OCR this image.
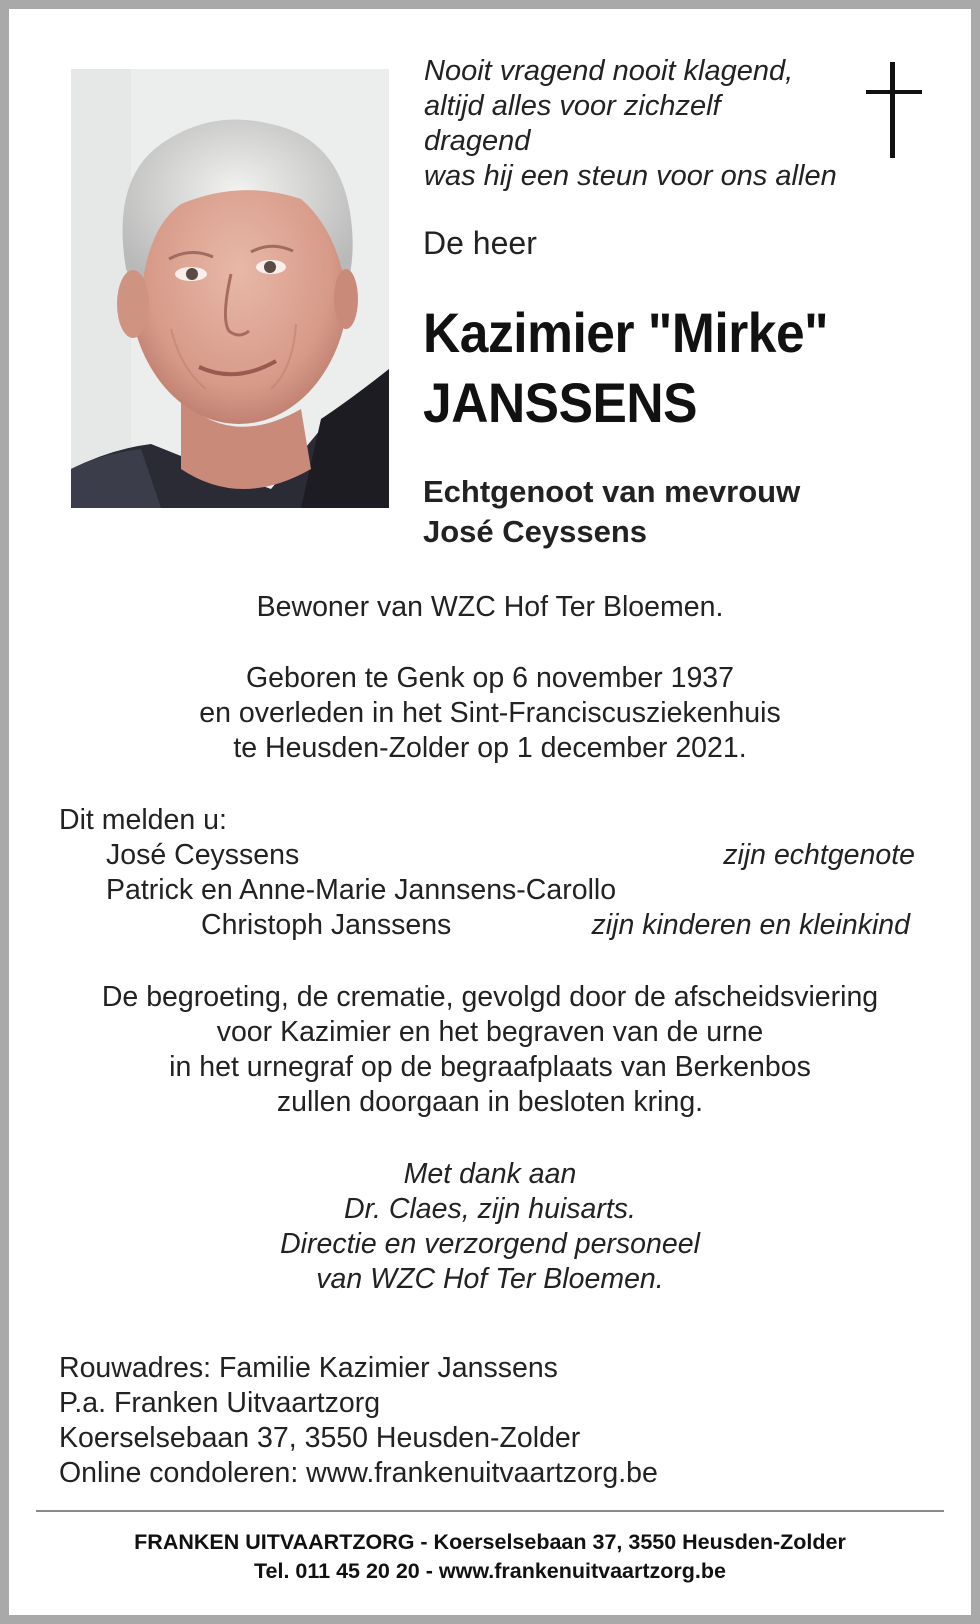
Nooit vragend nooit klagend,
altijd alles voor zichzelf
dragend
was hij een steun voor ons allen
De heer
Kazimier "Mirke"
JANSSENS
Echtgenoot van mevrouw
José Ceyssens
Bewoner van WZC Hof Ter Bloemen.
Geboren te Genk op 6 november 1937
en overleden in het Sint-Franciscusziekenhuis
te Heusden-Zolder op 1 december 2021.
Dit melden u:
José Ceyssens	zijn echtgenote
Patrick en Anne-Marie Jannsens-Carollo
Christoph Janssens	zijn kinderen en kleinkind
De begroeting, de crematie, gevolgd door de afscheidsviering
voor Kazimier en het begraven van de urne
in het urnegraf op de begraafplaats van Berkenbos
zullen doorgaan in besloten kring.
Met dank aan
Dr. Claes, zijn huisarts.
Directie en verzorgend personeel
van WZC Hof Ter Bloemen.
Rouwadres: Familie Kazimier Janssens
P.a. Franken Uitvaartzorg
Koerselsebaan 37, 3550 Heusden-Zolder
Online condoleren: www.frankenuitvaartzorg.be
FRANKEN UITVAARTZORG - Koerselsebaan 37, 3550 Heusden-Zolder
Tel. 011 45 20 20 - www.frankenuitvaartzorg.be
